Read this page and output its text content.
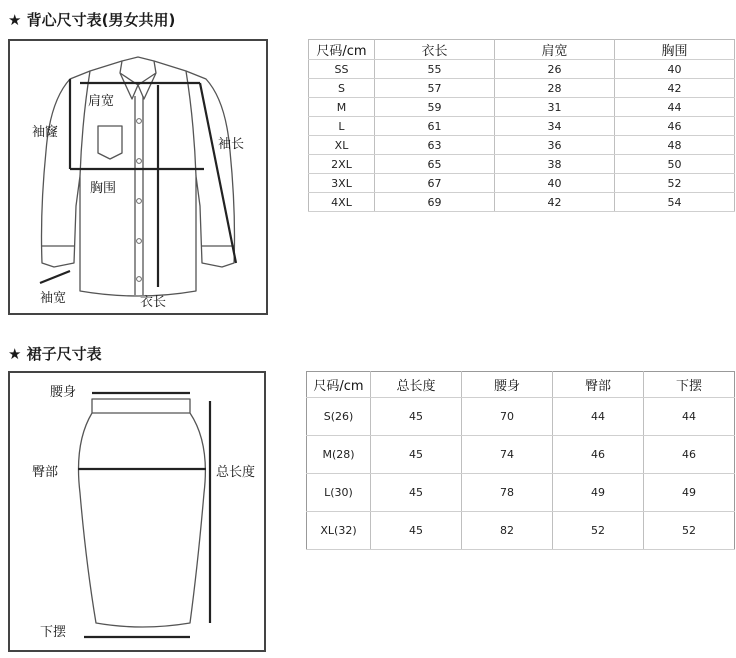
★ 背心尺寸表(男女共用)
肩宽
袖窿
袖长
胸围
袖宽	衣长
尺码/cm	衣长	肩宽	胸围
SS	55	26	40
S	57	28	42
M	59	31	44
L	61	34	46
XL	63	36	48
2XL	65	38	50
3XL	67	40	52
4XL	69	42	54
★ 裙子尺寸表
腰身
臀部	总长度
下摆
尺码/cm	总长度	腰身	臀部	下摆
S(26)	45	70	44	44
M(28)	45	74	46	46
L(30)	45	78	49	49
XL(32)	45	82	52	52
